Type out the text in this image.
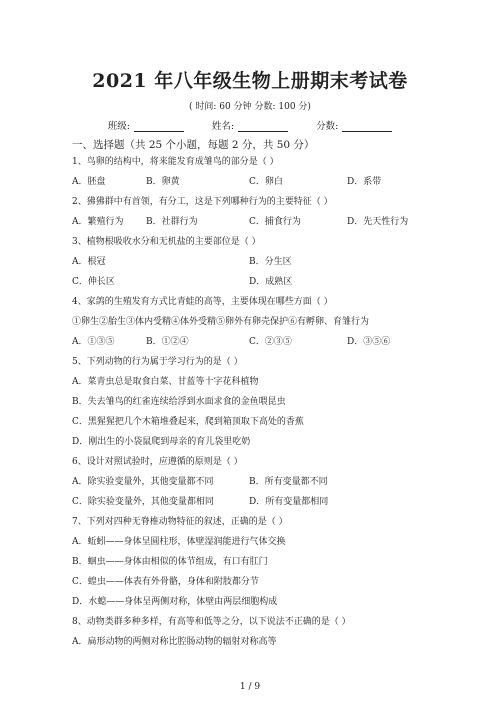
2021 年八年级生物上册期末考试卷
( 时间: 60 分钟 分数: 100 分)
班级:	姓名:	分数:
一、选择题（共 25 个小题，每题 2 分，共 50 分）
1、鸟卵的结构中，将来能发育成雏鸟的部分是（ ）
A．胚盘	B．卵黄	C．卵白	D．系带
2、狒狒群中有首领，有分工，这是下列哪种行为的主要特征（ ）
A．繁殖行为	B．社群行为	C．捕食行为	D．先天性行为
3、植物根吸收水分和无机盐的主要部位是（ ）
A．根冠	B．分生区
C．伸长区	D．成熟区
4、家鸽的生殖发育方式比青蛙的高等，主要体现在哪些方面（ ）
①卵生②胎生③体内受精④体外受精⑤卵外有卵壳保护⑥有孵卵、育雏行为
A．①③⑤	B．①②④	C．②③⑤	D．③⑤⑥
5、下列动物的行为属于学习行为的是（ ）
A．菜青虫总是取食白菜、甘蓝等十字花科植物
B．失去雏鸟的红雀连续给浮到水面求食的金鱼喂昆虫
C．黑猩猩把几个木箱堆叠起来，爬到箱顶取下高处的香蕉
D．刚出生的小袋鼠爬到母亲的育儿袋里吃奶
6、设计对照试验时，应遵循的原则是（ ）
A．除实验变量外，其他变量都不同	B．所有变量都不同
C．除实验变量外，其他变量都相同	D．所有变量都相同
7、下列对四种无脊椎动物特征的叙述，正确的是（ ）
A．蚯蚓——身体呈圆柱形，体壁湿润能进行气体交换
B．蛔虫——身体由相似的体节组成，有口有肛门
C．蝗虫——体表有外骨骼，身体和附肢都分节
D．水螅——身体呈两侧对称，体壁由两层细胞构成
8、动物类群多种多样，有高等和低等之分，以下说法不正确的是（ ）
A．扁形动物的两侧对称比腔肠动物的辐射对称高等
1 / 9
